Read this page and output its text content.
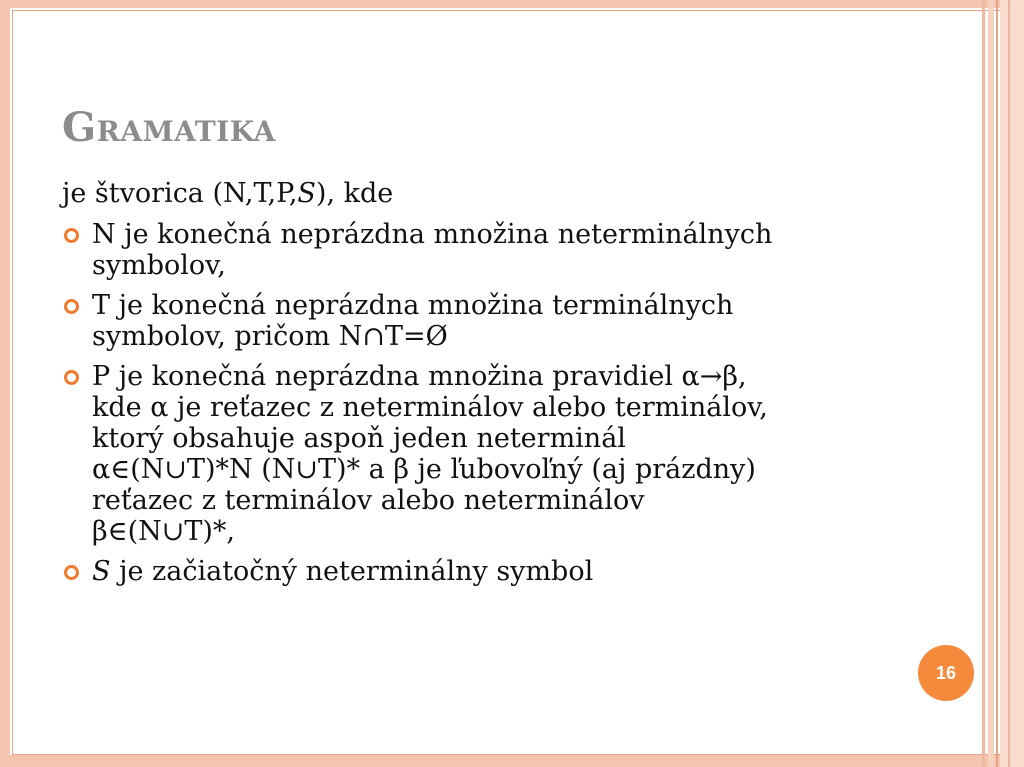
Gramatika

je štvorica (N,T,P,S), kde

N je konečná neprázdna množina neterminálnych
symbolov,
T je konečná neprázdna množina terminálnych
symbolov, pričom N∩T=Ø
P je konečná neprázdna množina pravidiel α→β,
kde α je reťazec z neterminálov alebo terminálov,
ktorý obsahuje aspoň jeden neterminál
α∈(N∪T)*N (N∪T)* a β je ľubovoľný (aj prázdny)
reťazec z terminálov alebo neterminálov
β∈(N∪T)*,
S je začiatočný neterminálny symbol
16
